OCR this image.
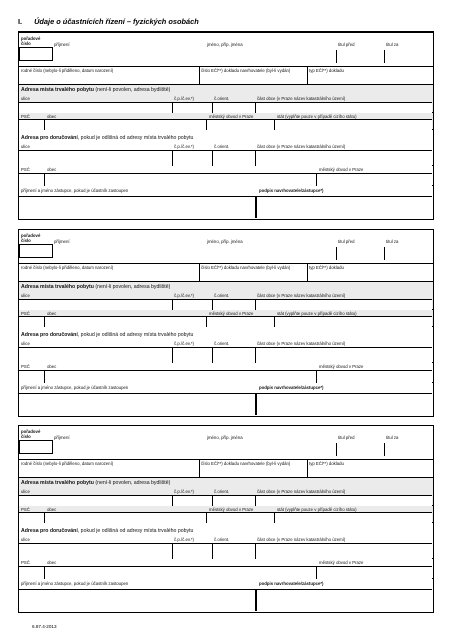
I. Údaje o účastnících řízení – fyzických osobách
pořadové
číslo	příjmení	jméno, příp. jména	titul před	titul za
rodné číslo (nebylo-li přiděleno, datum narození)	číslo EČl**) dokladu navrhovatele (byl-li vydán)	typ EČl**) dokladu
Adresa místa trvalého pobytu (není-li povolen, adresa bydliště)
ulice	č.p./č.ev.*)	č.orient.	část obce (v Praze název katastrálního území)
PSČ	obec	městský obvod v Praze	stát (vyplňte pouze v případě cizího státu)
Adresa pro doručování, pokud je odlišná od adresy místa trvalého pobytu
ulice	č.p./č.ev.*)	č.orient.	část obce (v Praze název katastrálního území)
PSČ	obec	městský obvod v Praze
příjmení a jméno zástupce, pokud je účastník zastoupen	podpis navrhovatele/zástupce*)
pořadové
číslo	příjmení	jméno, příp. jména	titul před	titul za
rodné číslo (nebylo-li přiděleno, datum narození)	číslo EČl**) dokladu navrhovatele (byl-li vydán)	typ EČl**) dokladu
Adresa místa trvalého pobytu (není-li povolen, adresa bydliště)
ulice	č.p./č.ev.*)	č.orient.	část obce (v Praze název katastrálního území)
PSČ	obec	městský obvod v Praze	stát (vyplňte pouze v případě cizího státu)
Adresa pro doručování, pokud je odlišná od adresy místa trvalého pobytu
ulice	č.p./č.ev.*)	č.orient.	část obce (v Praze název katastrálního území)
PSČ	obec	městský obvod v Praze
příjmení a jméno zástupce, pokud je účastník zastoupen	podpis navrhovatele/zástupce*)
pořadové
číslo	příjmení	jméno, příp. jména	titul před	titul za
rodné číslo (nebylo-li přiděleno, datum narození)	číslo EČl**) dokladu navrhovatele (byl-li vydán)	typ EČl**) dokladu
Adresa místa trvalého pobytu (není-li povolen, adresa bydliště)
ulice	č.p./č.ev.*)	č.orient.	část obce (v Praze název katastrálního území)
PSČ	obec	městský obvod v Praze	stát (vyplňte pouze v případě cizího státu)
Adresa pro doručování, pokud je odlišná od adresy místa trvalého pobytu
ulice	č.p./č.ev.*)	č.orient.	část obce (v Praze název katastrálního území)
PSČ	obec	městský obvod v Praze
příjmení a jméno zástupce, pokud je účastník zastoupen	podpis navrhovatele/zástupce*)
6.87.4-2013
